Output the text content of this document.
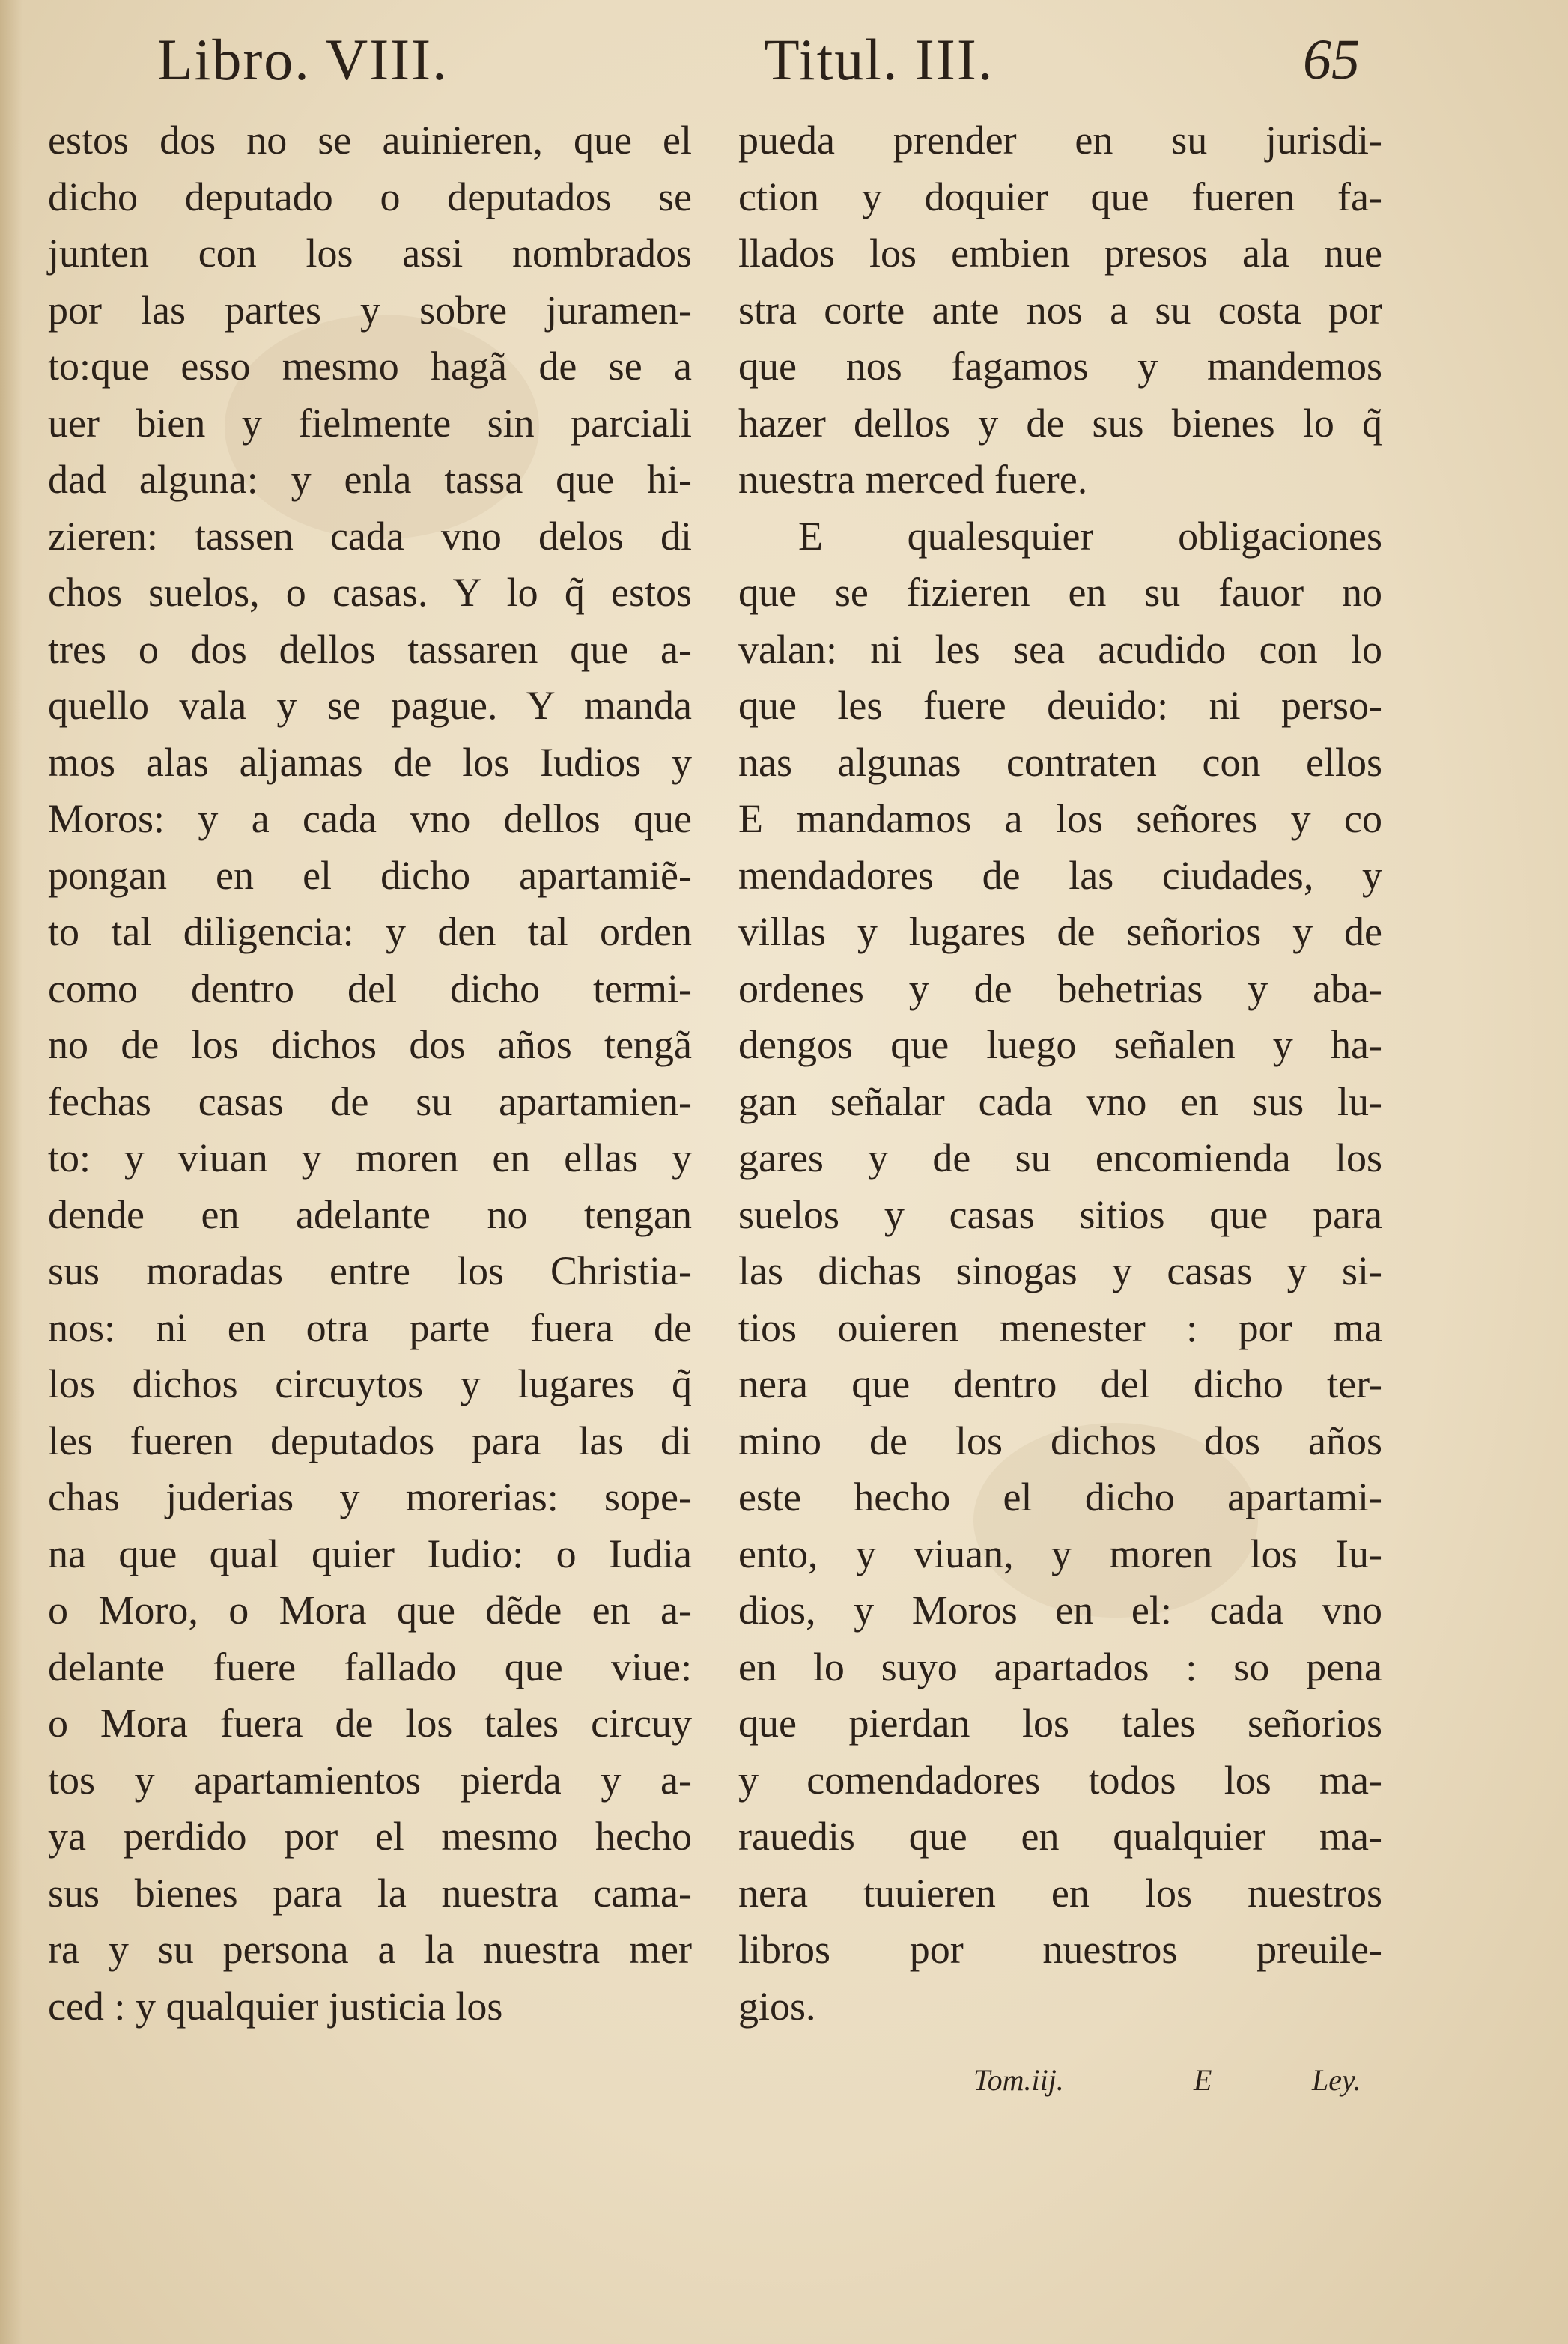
Libro. VIII.	Titul. III.	65
estos dos no se auinieren, que el
dicho deputado o deputados se
junten con los assi nombrados
por las partes y sobre juramen-
to:que esso mesmo hagã de se a
uer bien y fielmente sin parciali
dad alguna: y enla tassa que hi-
zieren: tassen cada vno delos di
chos suelos, o casas. Y lo q̃ estos
tres o dos dellos tassaren que a-
quello vala y se pague. Y manda
mos alas aljamas de los Iudios y
Moros: y a cada vno dellos que
pongan en el dicho apartamiẽ-
to tal diligencia: y den tal orden
como dentro del dicho termi-
no de los dichos dos años tengã
fechas casas de su apartamien-
to: y viuan y moren en ellas y
dende en adelante no tengan
sus moradas entre los Christia-
nos: ni en otra parte fuera de
los dichos circuytos y lugares q̃
les fueren deputados para las di
chas juderias y morerias: sope-
na que qual quier Iudio: o Iudia
o Moro, o Mora que dẽde en a-
delante fuere fallado que viue:
o Mora fuera de los tales circuy
tos y apartamientos pierda y a-
ya perdido por el mesmo hecho
sus bienes para la nuestra cama-
ra y su persona a la nuestra mer
ced : y qualquier justicia los
pueda prender en su jurisdi-
ction y doquier que fueren fa-
llados los embien presos ala nue
stra corte ante nos a su costa por
que nos fagamos y mandemos
hazer dellos y de sus bienes lo q̃
nuestra merced fuere.
E qualesquier obligaciones
que se fizieren en su fauor no
valan: ni les sea acudido con lo
que les fuere deuido: ni perso-
nas algunas contraten con ellos
E mandamos a los señores y co
mendadores de las ciudades, y
villas y lugares de señorios y de
ordenes y de behetrias y aba-
dengos que luego señalen y ha-
gan señalar cada vno en sus lu-
gares y de su encomienda los
suelos y casas sitios que para
las dichas sinogas y casas y si-
tios ouieren menester : por ma
nera que dentro del dicho ter-
mino de los dichos dos años
este hecho el dicho apartami-
ento, y viuan, y moren los Iu-
dios, y Moros en el: cada vno
en lo suyo apartados : so pena
que pierdan los tales señorios
y comendadores todos los ma-
rauedis que en qualquier ma-
nera tuuieren en los nuestros
libros por nuestros preuile-
gios.
Tom.iij.	E	Ley.
